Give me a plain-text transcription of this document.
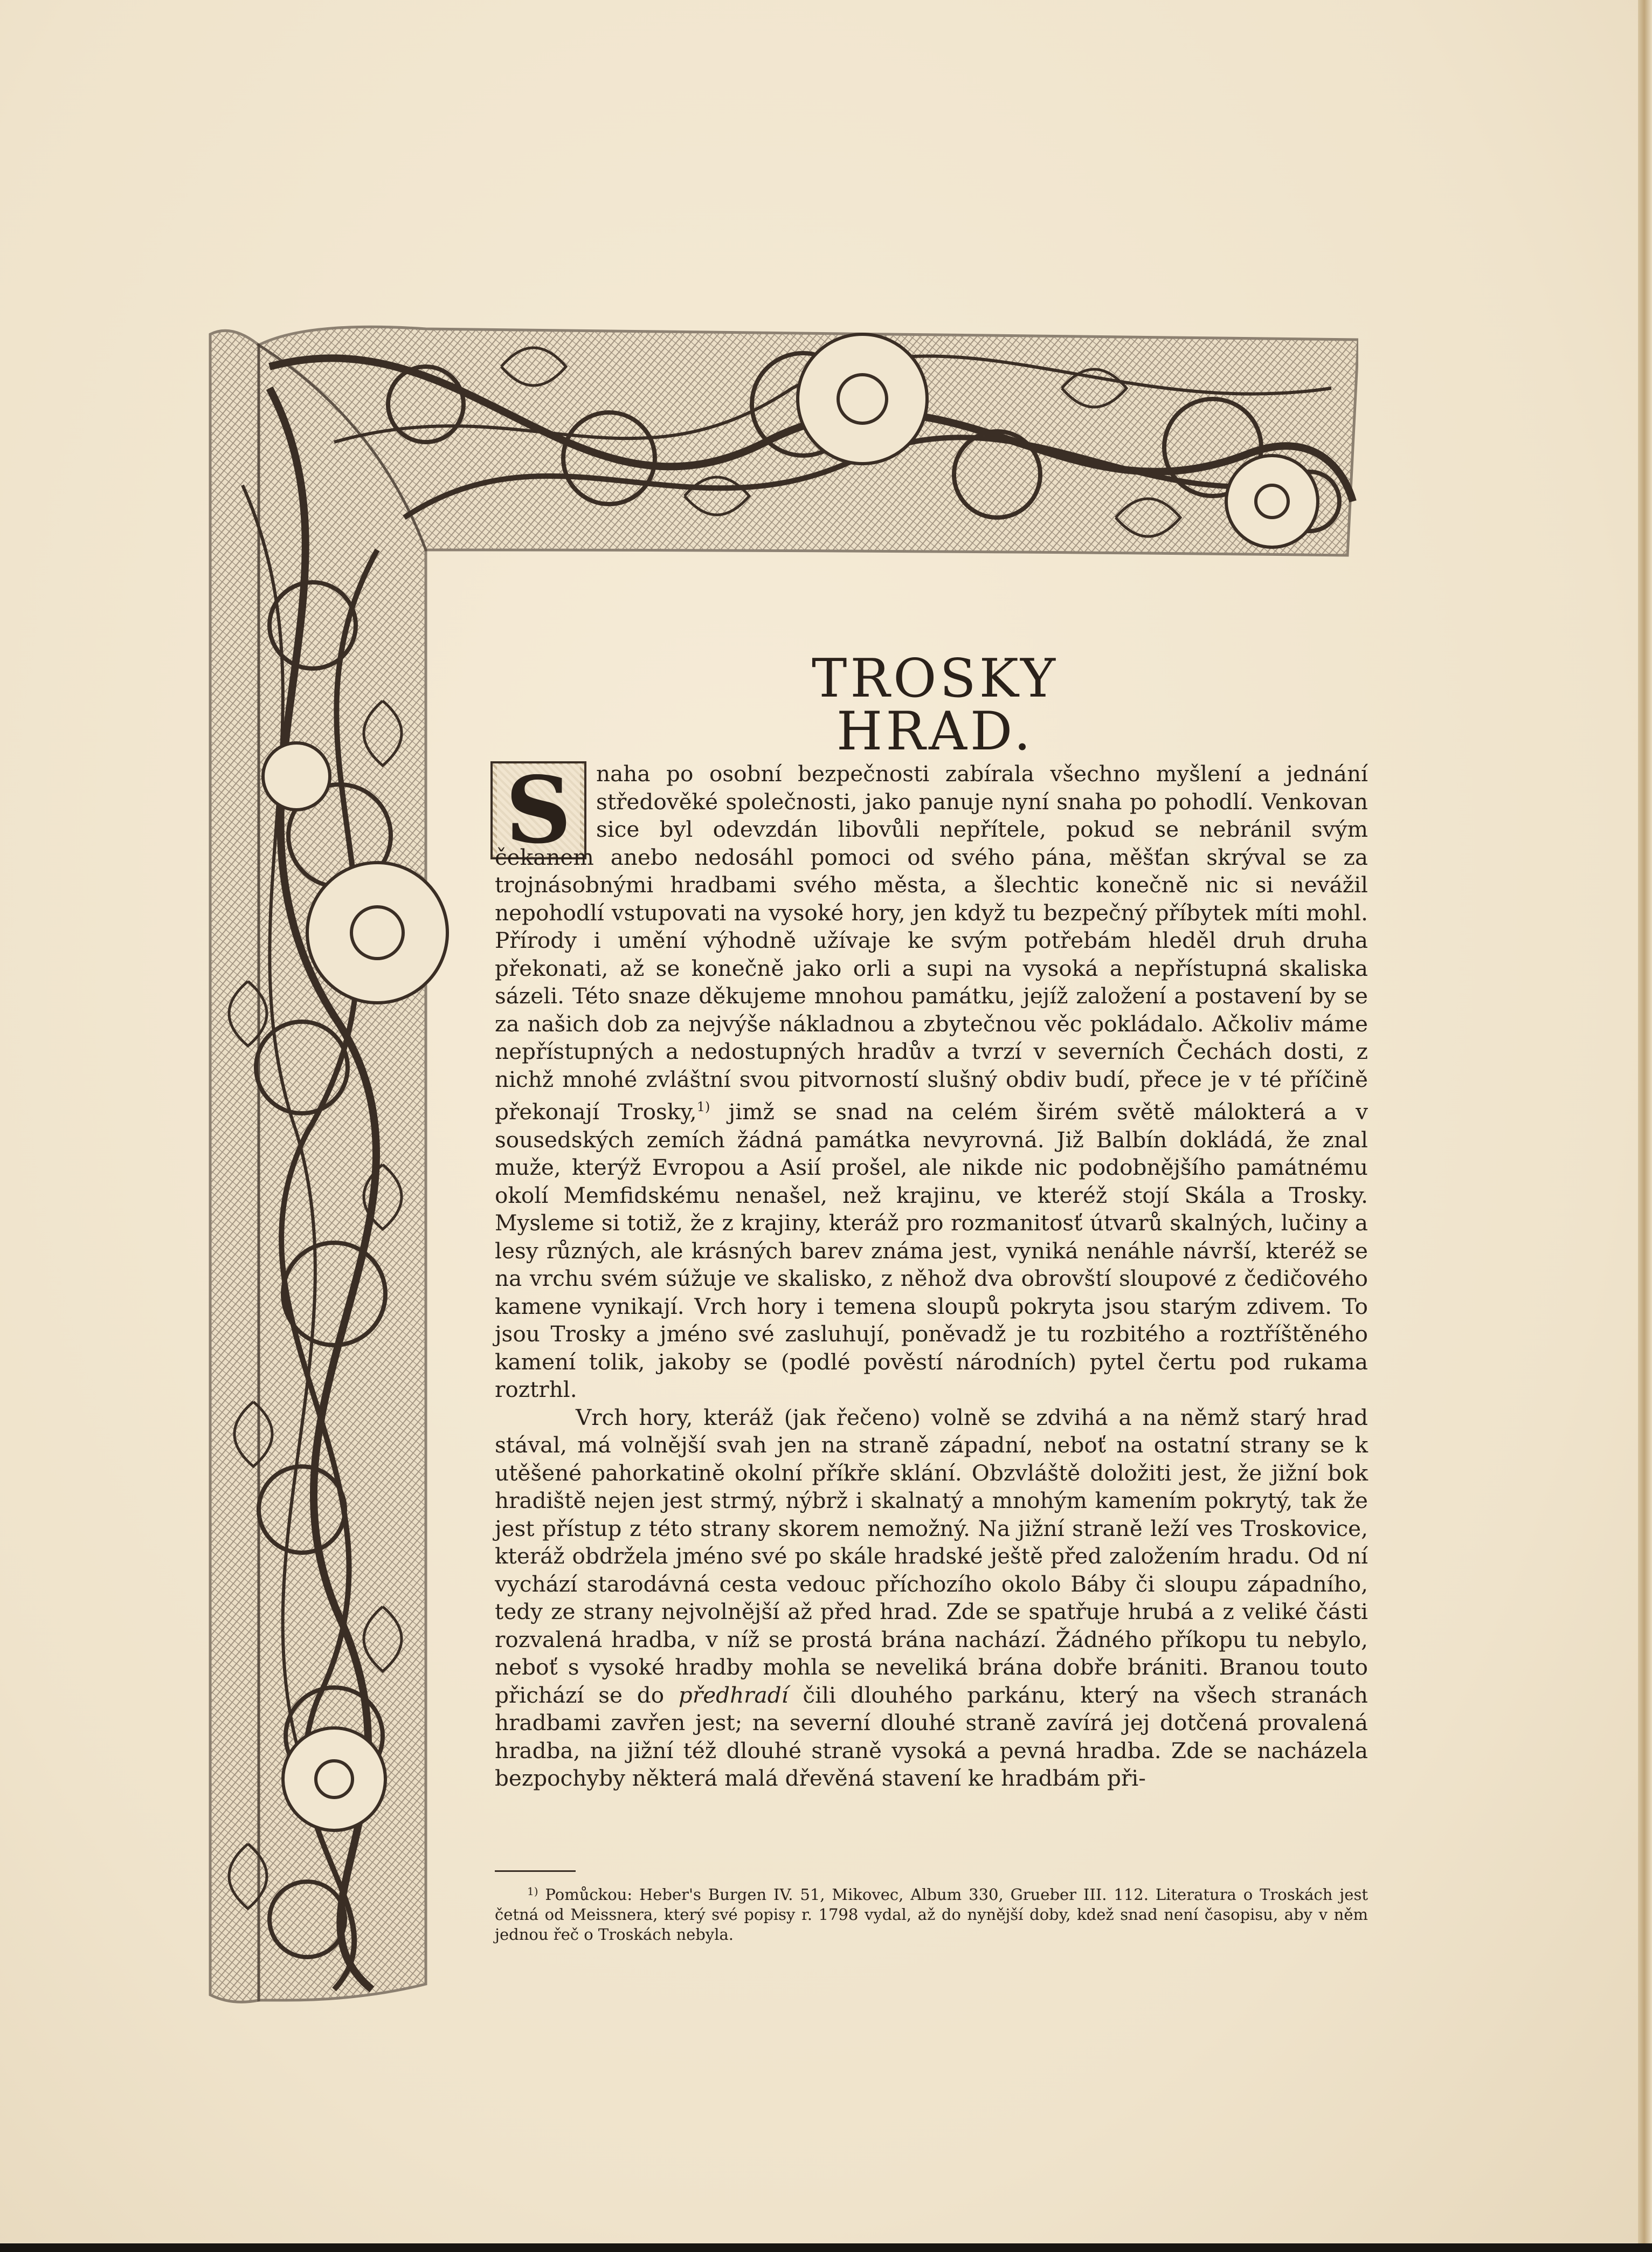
TROSKY HRAD.
S	naha po osobní bezpečnosti zabírala všechno myšlení a jednání středověké společnosti, jako panuje nyní snaha po pohodlí. Venkovan sice byl odevzdán libovůli nepřítele, pokud se nebránil svým čekanem anebo nedosáhl pomoci od svého pána, měšťan skrýval se za trojnásobnými hradbami svého města, a šlechtic konečně nic si nevážil nepohodlí vstupovati na vysoké hory, jen když tu bezpečný příbytek míti mohl. Přírody i umění výhodně užívaje ke svým potřebám hleděl druh druha překonati, až se konečně jako orli a supi na vysoká a nepřístupná skaliska sázeli. Této snaze děkujeme mnohou památku, jejíž založení a postavení by se za našich dob za nejvýše nákladnou a zbytečnou věc pokládalo. Ačkoliv máme nepřístupných a nedostupných hradův a tvrzí v severních Čechách dosti, z nichž mnohé zvláštní svou pitvorností slušný obdiv budí, přece je v té příčině překonají Trosky,$^{1)}$ jimž se snad na celém širém světě málokterá a v sousedských zemích žádná památka nevyrovná. Již Balbín dokládá, že znal muže, kterýž Evropou a Asií prošel, ale nikde nic podobnějšího památnému okolí Memfidskému nenašel, než krajinu, ve kteréž stojí Skála a Trosky. Mysleme si totiž, že z krajiny, kteráž pro rozmanitosť útvarů skalných, lučiny a lesy různých, ale krásných barev známa jest, vyniká nenáhle návrší, kteréž se na vrchu svém súžuje ve skalisko, z něhož dva obrovští sloupové z čedičového kamene vynikají. Vrch hory i temena sloupů pokryta jsou starým zdivem. To jsou Trosky a jméno své zasluhují, poněvadž je tu rozbitého a roztříštěného kamení tolik, jakoby se (podlé pověstí národních) pytel čertu pod rukama roztrhl.

Vrch hory, kteráž (jak řečeno) volně se zdvihá a na němž starý hrad stával, má volnější svah jen na straně západní, neboť na ostatní strany se k utěšené pahorkatině okolní příkře sklání. Obzvláště doložiti jest, že jižní bok hradiště nejen jest strmý, nýbrž i skalnatý a mnohým kamením pokrytý, tak že jest přístup z této strany skorem nemožný. Na jižní straně leží ves Troskovice, kteráž obdržela jméno své po skále hradské ještě před založením hradu. Od ní vychází starodávná cesta vedouc příchozího okolo Báby či sloupu západního, tedy ze strany nejvolnější až před hrad. Zde se spatřuje hrubá a z veliké části rozvalená hradba, v níž se prostá brána nachází. Žádného příkopu tu nebylo, neboť s vysoké hradby mohla se neveliká brána dobře brániti. Branou touto přichází se do předhradí čili dlouhého parkánu, který na všech stranách hradbami zavřen jest; na severní dlouhé straně zavírá jej dotčená provalená hradba, na jižní též dlouhé straně vysoká a pevná hradba. Zde se nacházela bezpochyby některá malá dřevěná stavení ke hradbám při-

$^{1)}$ Pomůckou: Heber's Burgen IV. 51, Mikovec, Album 330, Grueber III. 112. Literatura o Troskách jest četná od Meissnera, který své popisy r. 1798 vydal, až do nynější doby, kdež snad není časopisu, aby v něm jednou řeč o Troskách nebyla.
